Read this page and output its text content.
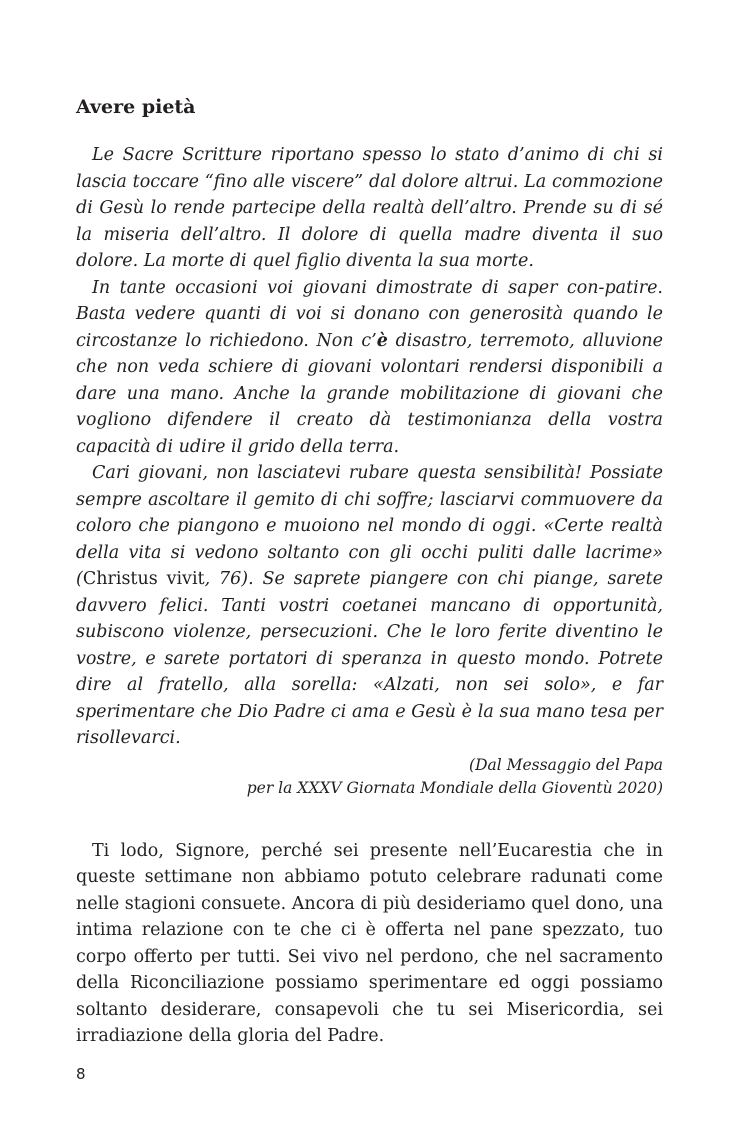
Avere pietà

Le Sacre Scritture riportano spesso lo stato d’animo di chi si lascia toccare “fino alle viscere” dal dolore altrui. La commozione di Gesù lo rende partecipe della realtà dell’altro. Prende su di sé la miseria dell’altro. Il dolore di quella madre diventa il suo dolore. La morte di quel figlio diventa la sua morte.

In tante occasioni voi giovani dimostrate di saper con-patire. Basta vedere quanti di voi si donano con generosità quando le circostanze lo richiedono. Non c’è disastro, terremoto, alluvione che non veda schiere di giovani volontari rendersi disponibili a dare una mano. Anche la grande mobilitazione di giovani che vogliono difendere il creato dà testimonianza della vostra capacità di udire il grido della terra.

Cari giovani, non lasciatevi rubare questa sensibilità! Possiate sempre ascoltare il gemito di chi soffre; lasciarvi commuovere da coloro che piangono e muoiono nel mondo di oggi. «Certe realtà della vita si vedono soltanto con gli occhi puliti dalle lacrime» (Christus vivit, 76). Se saprete piangere con chi piange, sarete davvero felici. Tanti vostri coetanei mancano di opportunità, subiscono violenze, persecuzioni. Che le loro ferite diventino le vostre, e sarete portatori di speranza in questo mondo. Potrete dire al fratello, alla sorella: «Alzati, non sei solo», e far sperimentare che Dio Padre ci ama e Gesù è la sua mano tesa per risollevarci.

(Dal Messaggio del Papa
per la XXXV Giornata Mondiale della Gioventù 2020)

Ti lodo, Signore, perché sei presente nell’Eucarestia che in queste settimane non abbiamo potuto celebrare radunati come nelle stagioni consuete. Ancora di più desideriamo quel dono, una intima relazione con te che ci è offerta nel pane spezzato, tuo corpo offerto per tutti. Sei vivo nel perdono, che nel sacramento della Riconciliazione possiamo sperimentare ed oggi possiamo soltanto desiderare, consapevoli che tu sei Misericordia, sei irradiazione della gloria del Padre.

8
